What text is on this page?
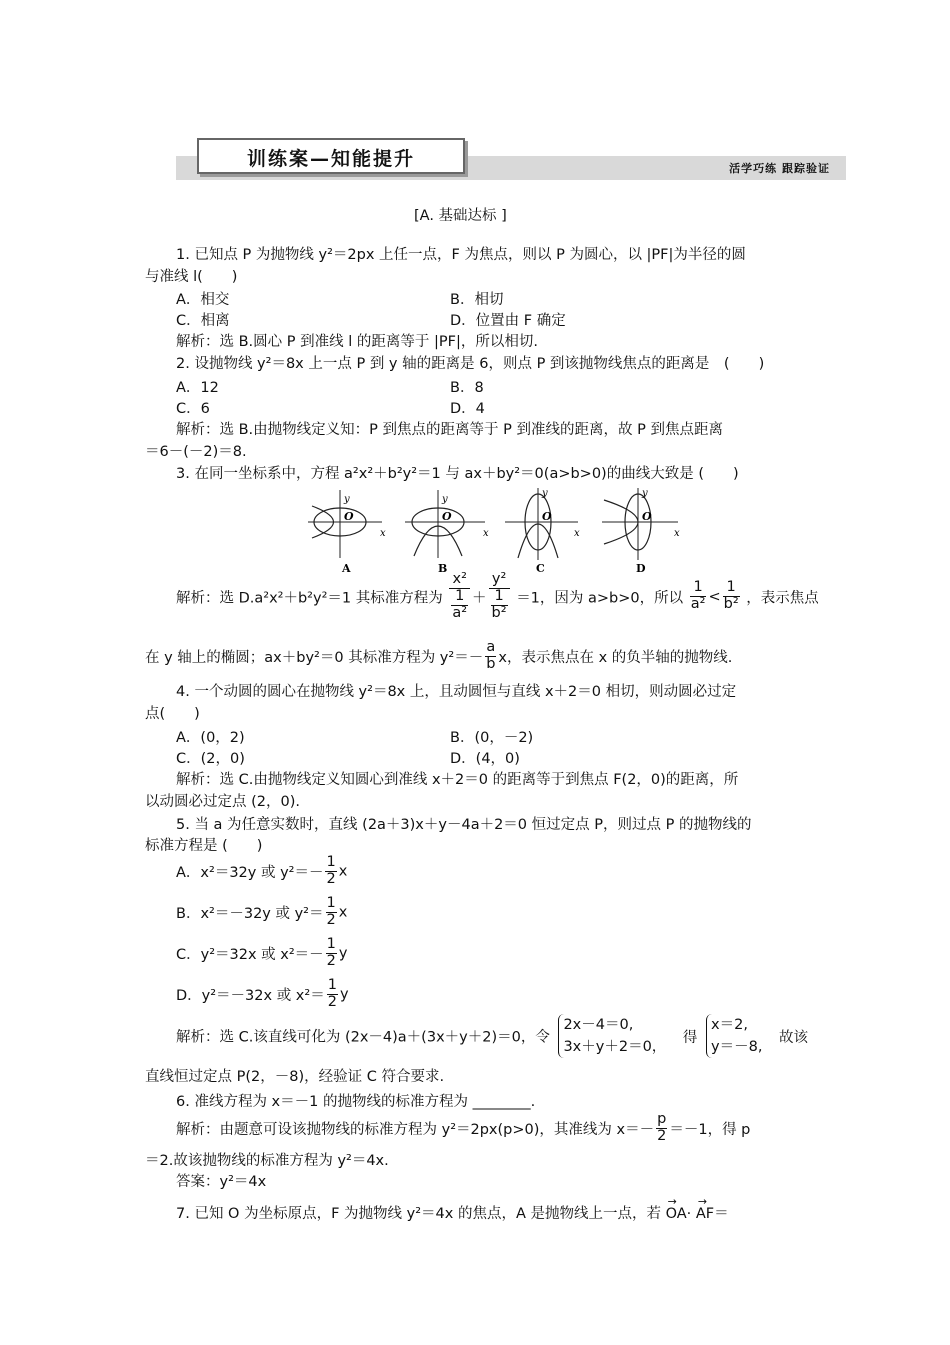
活学巧练 跟踪验证
训练案—知能提升
[A. 基础达标 ]
1. 已知点 P 为抛物线 y²＝2px 上任一点，F 为焦点，则以 P 为圆心，以 |PF|为半径的圆
与准线 l(　　)
A．相交	B．相切
C．相离	D．位置由 F 确定
解析：选 B.圆心 P 到准线 l 的距离等于 |PF|，所以相切.
2. 设抛物线 y²＝8x 上一点 P 到 y 轴的距离是 6，则点 P 到该抛物线焦点的距离是　(　　)
A．12	B．8
C．6	D．4
解析：选 B.由抛物线定义知：P 到焦点的距离等于 P 到准线的距离，故 P 到焦点距离
＝6－(－2)＝8.
3. 在同一坐标系中，方程 a²x²＋b²y²＝1 与 ax＋by²＝0(a>b>0)的曲线大致是 (　　)
y
x
O
A
y
x
O
B
y
x
O
C
y
x
O
D
解析：选 D.a²x²＋b²y²＝1 其标准方程为 x²
1
a² ＋ y²
1
b² ＝1，因为 a>b>0，所以 $\frac{1}{\text{a²}} < \frac{1}{\text{b²}}$ ，表示焦点
在 y 轴上的椭圆；ax＋by²＝0 其标准方程为 $y^2=- \frac{a}{b}$ x，表示焦点在 x 的负半轴的抛物线.
4. 一个动圆的圆心在抛物线 y²＝8x 上，且动圆恒与直线 x＋2＝0 相切，则动圆必过定
点(　　)
A．(0，2)	B．(0，－2)
C．(2，0)	D．(4，0)
解析：选 C.由抛物线定义知圆心到准线 x＋2＝0 的距离等于到焦点 F(2，0)的距离，所
以动圆必过定点 (2，0).
5. 当 a 为任意实数时，直线 (2a＋3)x＋y－4a＋2＝0 恒过定点 P，则过点 P 的抛物线的
标准方程是 (　　)
A．x²＝32y 或 $y^2=- \frac{1}{2}$ x
B．x²＝－32y 或 $y^2= \frac{1}{2}$ x
C．y²＝32x 或 $x^2=- \frac{1}{2}$ y
D．y²＝－32x 或 $x^2= \frac{1}{2}$ y
解析：选 C.该直线可化为 (2x－4)a＋(3x＋y＋2)＝0，令
2x－4＝0,
3x＋y＋2＝0，
得
x＝2,
y＝－8,
故该
直线恒过定点 P(2，－8)，经验证 C 符合要求.
6. 准线方程为 x＝－1 的抛物线的标准方程为 ________.
解析：由题意可设该抛物线的标准方程为 y²＝2px(p>0)，其准线为 $x=- \frac{p}{2} =-1$，得 p
＝2.故该抛物线的标准方程为 y²＝4x.
答案：y²＝4x
7. 已知 O 为坐标原点，F 为抛物线 y²＝4x 的焦点，A 是抛物线上一点，若 → OA· → AF＝
